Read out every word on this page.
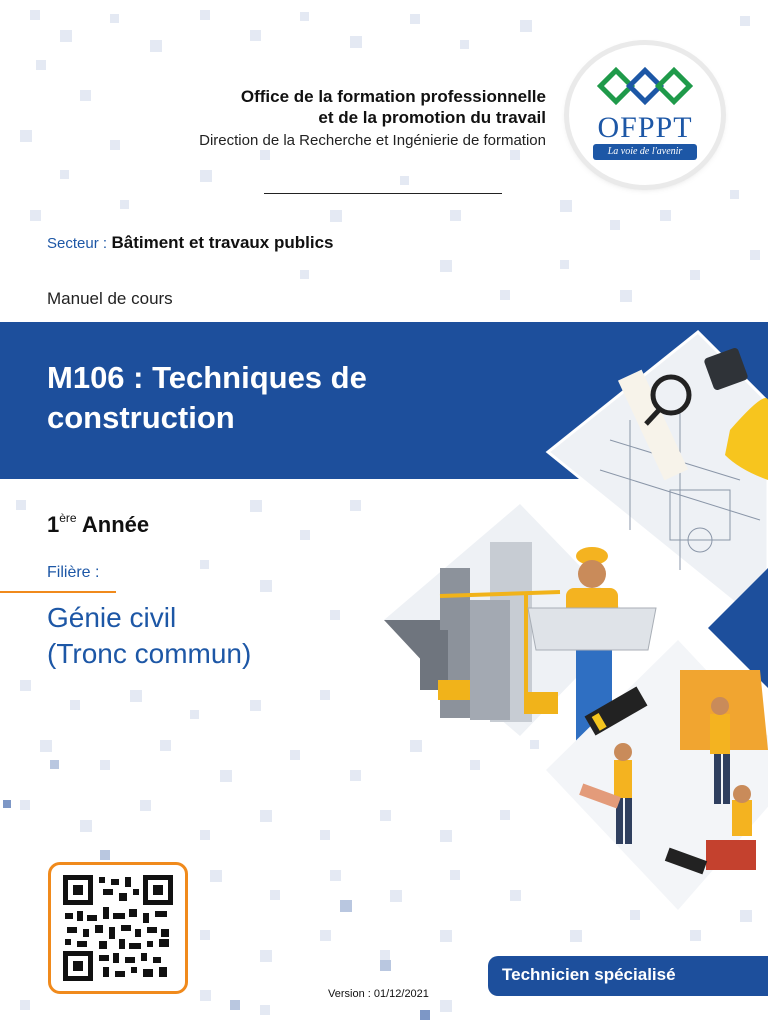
Office de la formation professionnelle
et de la promotion du travail
Direction de la Recherche et Ingénierie de formation	OFPPT
La voie de l'avenir
Secteur : Bâtiment et travaux publics
Manuel de cours
M106 : Techniques de construction
1ère Année
Filière :
Génie civil
(Tronc commun)
Version : 01/12/2021
Technicien spécialisé
